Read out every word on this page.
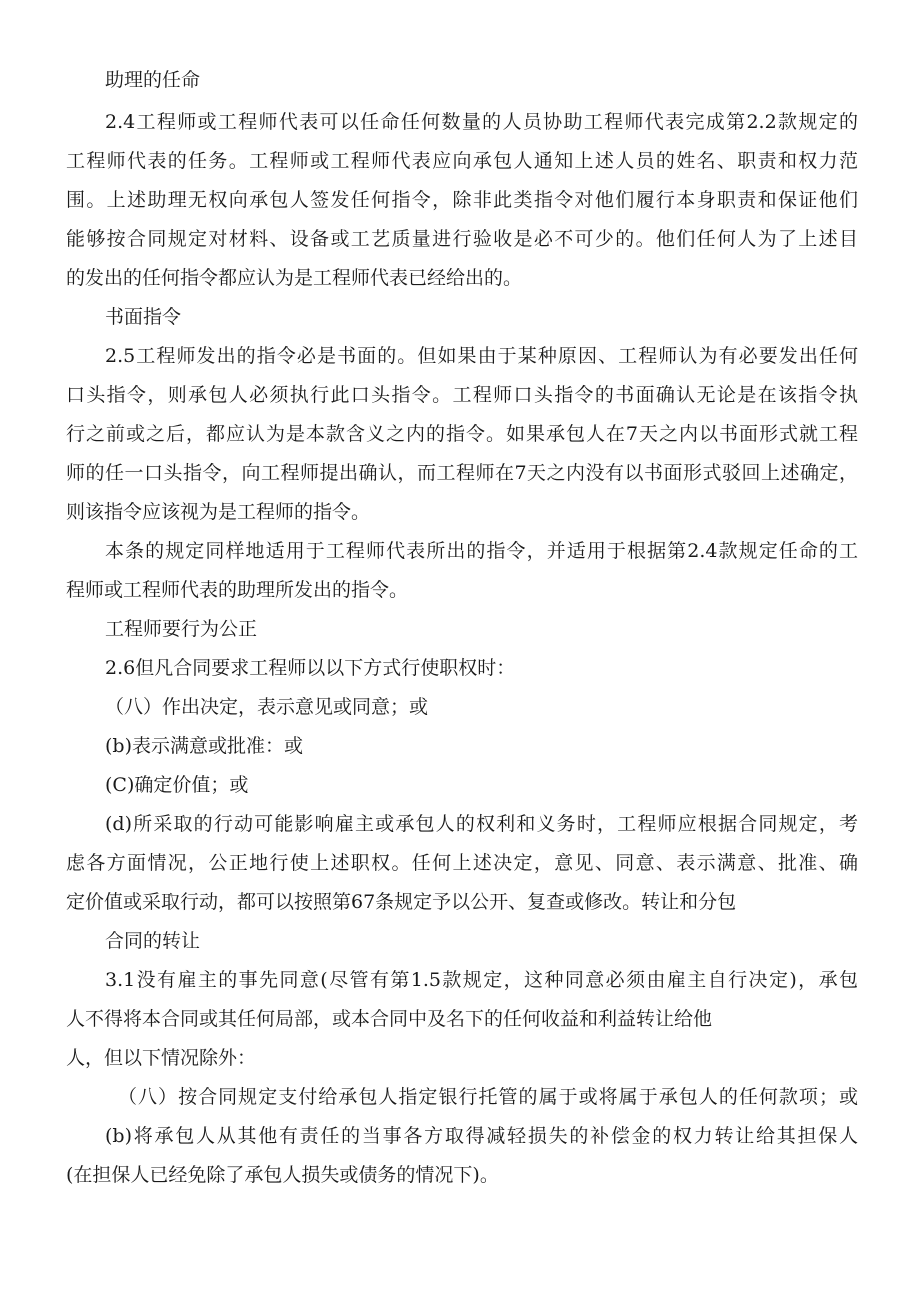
助理的任命
2.4工程师或工程师代表可以任命任何数量的人员协助工程师代表完成第2.2款规定的
工程师代表的任务。工程师或工程师代表应向承包人通知上述人员的姓名、职责和权力范
围。上述助理无权向承包人签发任何指令，除非此类指令对他们履行本身职责和保证他们
能够按合同规定对材料、设备或工艺质量进行验收是必不可少的。他们任何人为了上述目
的发出的任何指令都应认为是工程师代表已经给出的。
书面指令
2.5工程师发出的指令必是书面的。但如果由于某种原因、工程师认为有必要发出任何
口头指令，则承包人必须执行此口头指令。工程师口头指令的书面确认无论是在该指令执
行之前或之后，都应认为是本款含义之内的指令。如果承包人在7天之内以书面形式就工程
师的任一口头指令，向工程师提出确认，而工程师在7天之内没有以书面形式驳回上述确定，
则该指令应该视为是工程师的指令。
本条的规定同样地适用于工程师代表所出的指令，并适用于根据第2.4款规定任命的工
程师或工程师代表的助理所发出的指令。
工程师要行为公正
2.6但凡合同要求工程师以以下方式行使职权时：
（八）作出决定，表示意见或同意；或
(b)表示满意或批准：或
(C)确定价值；或
(d)所采取的行动可能影响雇主或承包人的权利和义务时，工程师应根据合同规定，考
虑各方面情况，公正地行使上述职权。任何上述决定，意见、同意、表示满意、批准、确
定价值或采取行动，都可以按照第67条规定予以公开、复查或修改。转让和分包
合同的转让
3.1没有雇主的事先同意(尽管有第1.5款规定，这种同意必须由雇主自行决定)，承包
人不得将本合同或其任何局部，或本合同中及名下的任何收益和利益转让给他
人，但以下情况除外：
（八）按合同规定支付给承包人指定银行托管的属于或将属于承包人的任何款项；或
(b)将承包人从其他有责任的当事各方取得减轻损失的补偿金的权力转让给其担保人
(在担保人已经免除了承包人损失或债务的情况下)。
